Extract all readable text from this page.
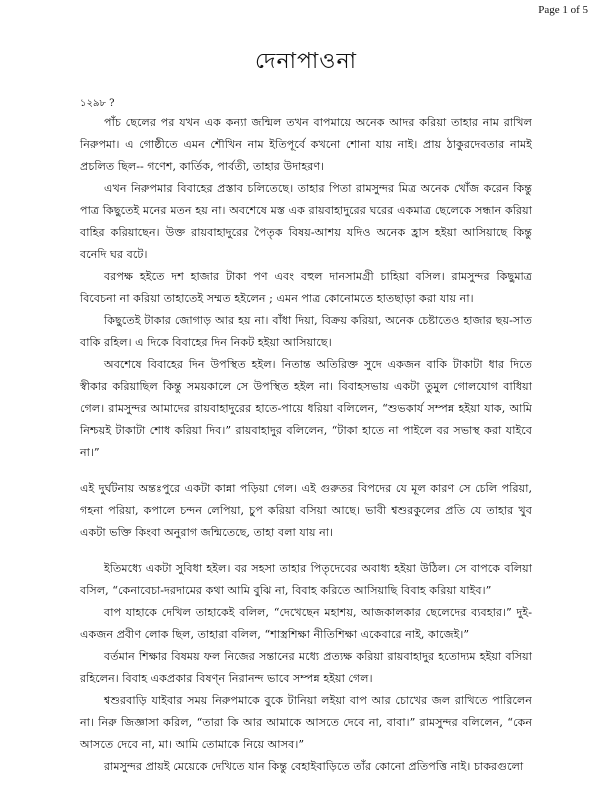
Page 1 of 5
দেনাপাওনা

১২৯৮ ?

পাঁচ ছেলের পর যখন এক কন্যা জন্মিল তখন বাপমায়ে অনেক আদর করিয়া তাহার নাম রাখিল নিরুপমা। এ গোষ্ঠীতে এমন শৌখিন নাম ইতিপূর্বে কখনো শোনা যায় নাই। প্রায় ঠাকুরদেবতার নামই প্রচলিত ছিল-- গণেশ, কার্তিক, পার্বতী, তাহার উদাহরণ।

এখন নিরুপমার বিবাহের প্রস্তাব চলিতেছে। তাহার পিতা রামসুন্দর মিত্র অনেক খোঁজ করেন কিন্তু পাত্র কিছুতেই মনের মতন হয় না। অবশেষে মস্ত এক রায়বাহাদুরের ঘরের একমাত্র ছেলেকে সন্ধান করিয়া বাহির করিয়াছেন। উক্ত রায়বাহাদুরের পৈতৃক বিষয়-আশয় যদিও অনেক হ্রাস হইয়া আসিয়াছে কিন্তু বনেদি ঘর বটে।

বরপক্ষ হইতে দশ হাজার টাকা পণ এবং বহুল দানসামগ্রী চাহিয়া বসিল। রামসুন্দর কিছুমাত্র বিবেচনা না করিয়া তাহাতেই সম্মত হইলেন ; এমন পাত্র কোনোমতে হাতছাড়া করা যায় না।

কিছুতেই টাকার জোগাড় আর হয় না। বাঁধা দিয়া, বিক্রয় করিয়া, অনেক চেষ্টাতেও হাজার ছয়-সাত বাকি রহিল। এ দিকে বিবাহের দিন নিকট হইয়া আসিয়াছে।

অবশেষে বিবাহের দিন উপস্থিত হইল। নিতান্ত অতিরিক্ত সুদে একজন বাকি টাকাটা ধার দিতে স্বীকার করিয়াছিল কিন্তু সময়কালে সে উপস্থিত হইল না। বিবাহসভায় একটা তুমুল গোলযোগ বাধিয়া গেল। রামসুন্দর আমাদের রায়বাহাদুরের হাতে-পায়ে ধরিয়া বলিলেন, “শুভকার্য সম্পন্ন হইয়া যাক, আমি নিশ্চয়ই টাকাটা শোধ করিয়া দিব।” রায়বাহাদুর বলিলেন, “টাকা হাতে না পাইলে বর সভাস্থ করা যাইবে না।”

এই দুর্ঘটনায় অন্তঃপুরে একটা কান্না পড়িয়া গেল। এই গুরুতর বিপদের যে মূল কারণ সে চেলি পরিয়া, গহনা পরিয়া, কপালে চন্দন লেপিয়া, চুপ করিয়া বসিয়া আছে। ভাবী শ্বশুরকুলের প্রতি যে তাহার খুব একটা ভক্তি কিংবা অনুরাগ জন্মিতেছে, তাহা বলা যায় না।

ইতিমধ্যে একটা সুবিধা হইল। বর সহসা তাহার পিতৃদেবের অবাধ্য হইয়া উঠিল। সে বাপকে বলিয়া বসিল, “কেনাবেচা-দরদামের কথা আমি বুঝি না, বিবাহ করিতে আসিয়াছি বিবাহ করিয়া যাইব।”

বাপ যাহাকে দেখিল তাহাকেই বলিল, “দেখেছেন মহাশয়, আজকালকার ছেলেদের ব্যবহার।” দুই-একজন প্রবীণ লোক ছিল, তাহারা বলিল, “শাস্ত্রশিক্ষা নীতিশিক্ষা একেবারে নাই, কাজেই।”

বর্তমান শিক্ষার বিষময় ফল নিজের সন্তানের মধ্যে প্রত্যক্ষ করিয়া রায়বাহাদুর হতোদ্যম হইয়া বসিয়া রহিলেন। বিবাহ একপ্রকার বিষণ্ন নিরানন্দ ভাবে সম্পন্ন হইয়া গেল।

শ্বশুরবাড়ি যাইবার সময় নিরুপমাকে বুকে টানিয়া লইয়া বাপ আর চোখের জল রাখিতে পারিলেন না। নিরু জিজ্ঞাসা করিল, “তারা কি আর আমাকে আসতে দেবে না, বাবা।” রামসুন্দর বলিলেন, “কেন আসতে দেবে না, মা। আমি তোমাকে নিয়ে আসব।”

রামসুন্দর প্রায়ই মেয়েকে দেখিতে যান কিন্তু বেহাইবাড়িতে তাঁর কোনো প্রতিপত্তি নাই। চাকরগুলো
